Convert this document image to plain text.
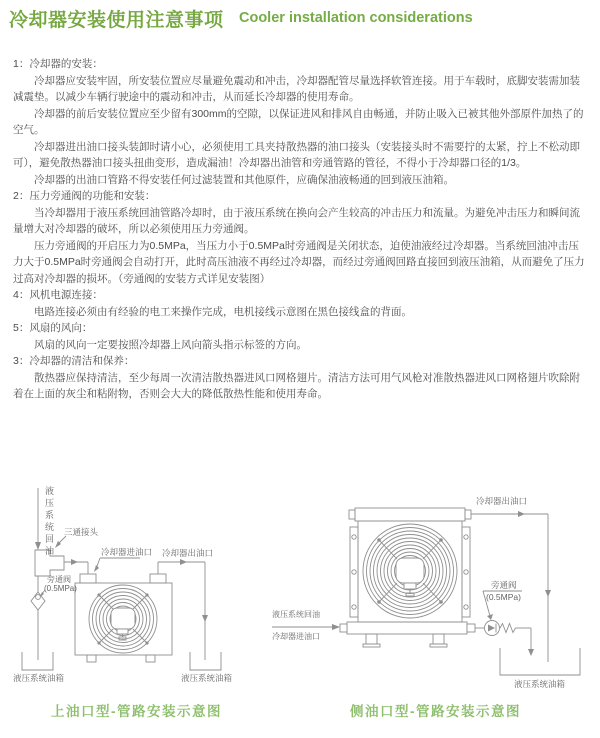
冷却器安装使用注意事项 Cooler installation considerations

1：冷却器的安装：

冷却器应安装牢固，所安装位置应尽量避免震动和冲击，冷却器配管尽量选择软管连接。用于车载时，底脚安装需加装减震垫。以减少车辆行驶途中的震动和冲击，从而延长冷却器的使用寿命。

冷却器的前后安装位置应至少留有300mm的空隙，以保证进风和排风自由畅通，并防止吸入已被其他外部原件加热了的空气。

冷却器进出油口接头装卸时请小心，必须使用工具夹持散热器的油口接头（安装接头时不需要拧的太紧，拧上不松动即可），避免散热器油口接头扭曲变形，造成漏油！冷却器出油管和旁通管路的管径，不得小于冷却器口径的1/3。

冷却器的出油口管路不得安装任何过滤装置和其他原件，应确保油液畅通的回到液压油箱。

2：压力旁通阀的功能和安装：

当冷却器用于液压系统回油管路冷却时，由于液压系统在换向会产生较高的冲击压力和流量。为避免冲击压力和瞬间流量增大对冷却器的破坏，所以必须使用压力旁通阀。

压力旁通阀的开启压力为0.5MPa，当压力小于0.5MPa时旁通阀是关闭状态，迫使油液经过冷却器。当系统回油冲击压力大于0.5MPa时旁通阀会自动打开，此时高压油液不再经过冷却器，而经过旁通阀回路直接回到液压油箱，从而避免了压力过高对冷却器的损坏。（旁通阀的安装方式详见安装图）

4：风机电源连接：

电路连接必须由有经验的电工来操作完成，电机接线示意图在黑色接线盒的背面。

5：风扇的风向：

风扇的风向一定要按照冷却器上风向箭头指示标签的方向。

3：冷却器的清洁和保养：

散热器应保持清洁，至少每周一次清洁散热器进风口网格翅片。清洁方法可用气风枪对准散热器进风口网格翅片吹除附着在上面的灰尘和粘附物，否则会大大的降低散热性能和使用寿命。

液压系统回油 三通接头
冷却器进油口 冷却器出油口
旁通阀
(0.5MPa)
液压系统油箱	液压系统油箱
上油口型-管路安装示意图
冷却器出油口
液压系统回油
冷却器进油口
旁通阀
(0.5MPa)
液压系统油箱
侧油口型-管路安装示意图
